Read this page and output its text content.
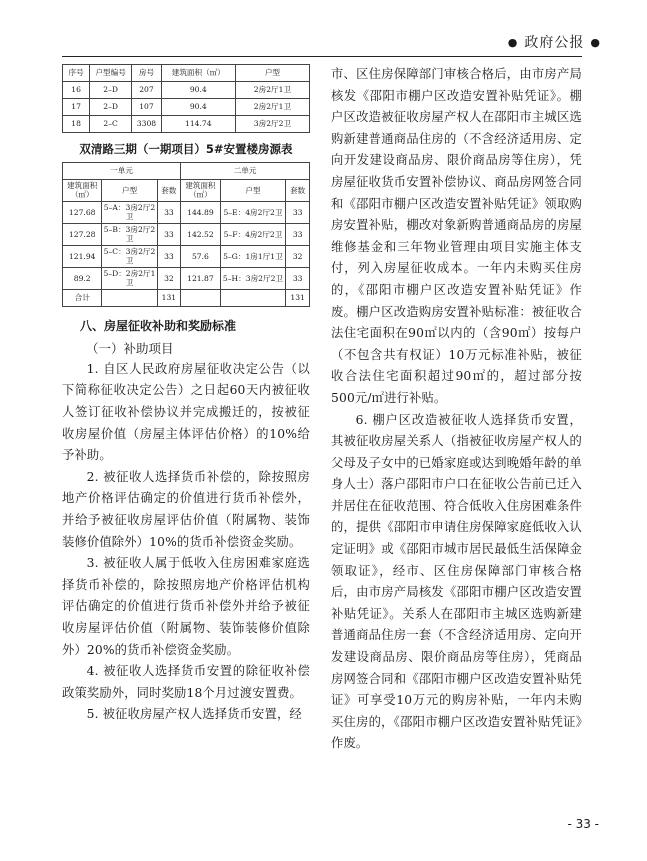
● 政府公报 ●
序号	户型编号	房号	建筑面积（㎡）	户型
16	2–D	207	90.4	2房2厅1卫
17	2–D	107	90.4	2房2厅1卫
18	2–C	3308	114.74	3房2厅2卫
双清路三期（一期项目）5#安置楼房源表
一单元			二单元		
建筑面积（㎡）	户型	套数	建筑面积（㎡）	户型	套数
127.68	5–A：3房2厅2卫	33	144.89	5–E：4房2厅2卫	33
127.28	5–B：3房2厅2卫	33	142.52	5–F：4房2厅2卫	33
121.94	5–C：3房2厅2卫	33	57.6	5–G：1房1厅1卫	32
89.2	5–D：2房2厅1卫	32	121.87	5–H：3房2厅2卫	33
合计		131			131
八、房屋征收补助和奖励标准
（一）补助项目

1. 自区人民政府房屋征收决定公告（以下简称征收决定公告）之日起60天内被征收人签订征收补偿协议并完成搬迁的，按被征收房屋价值（房屋主体评估价格）的10%给予补助。

2. 被征收人选择货币补偿的，除按照房地产价格评估确定的价值进行货币补偿外，并给予被征收房屋评估价值（附属物、装饰装修价值除外）10%的货币补偿资金奖励。

3. 被征收人属于低收入住房困难家庭选择货币补偿的，除按照房地产价格评估机构评估确定的价值进行货币补偿外并给予被征收房屋评估价值（附属物、装饰装修价值除外）20%的货币补偿资金奖励。

4. 被征收人选择货币安置的除征收补偿政策奖励外，同时奖励18个月过渡安置费。

5. 被征收房屋产权人选择货币安置，经

市、区住房保障部门审核合格后，由市房产局核发《邵阳市棚户区改造安置补贴凭证》。棚户区改造被征收房屋产权人在邵阳市主城区选购新建普通商品住房的（不含经济适用房、定向开发建设商品房、限价商品房等住房），凭房屋征收货币安置补偿协议、商品房网签合同和《邵阳市棚户区改造安置补贴凭证》领取购房安置补贴，棚改对象新购普通商品房的房屋维修基金和三年物业管理由项目实施主体支付，列入房屋征收成本。一年内未购买住房的，《邵阳市棚户区改造安置补贴凭证》作废。棚户区改造购房安置补贴标准：被征收合法住宅面积在90㎡以内的（含90㎡）按每户（不包含共有权证）10万元标准补贴，被征收合法住宅面积超过90㎡的，超过部分按500元/㎡进行补贴。

6. 棚户区改造被征收人选择货币安置，其被征收房屋关系人（指被征收房屋产权人的父母及子女中的已婚家庭或达到晚婚年龄的单身人士）落户邵阳市户口在征收公告前已迁入并居住在征收范围、符合低收入住房困难条件的，提供《邵阳市申请住房保障家庭低收入认定证明》或《邵阳市城市居民最低生活保障金领取证》，经市、区住房保障部门审核合格后，由市房产局核发《邵阳市棚户区改造安置补贴凭证》。关系人在邵阳市主城区选购新建普通商品住房一套（不含经济适用房、定向开发建设商品房、限价商品房等住房），凭商品房网签合同和《邵阳市棚户区改造安置补贴凭证》可享受10万元的购房补贴，一年内未购买住房的，《邵阳市棚户区改造安置补贴凭证》作废。

- 33 -
